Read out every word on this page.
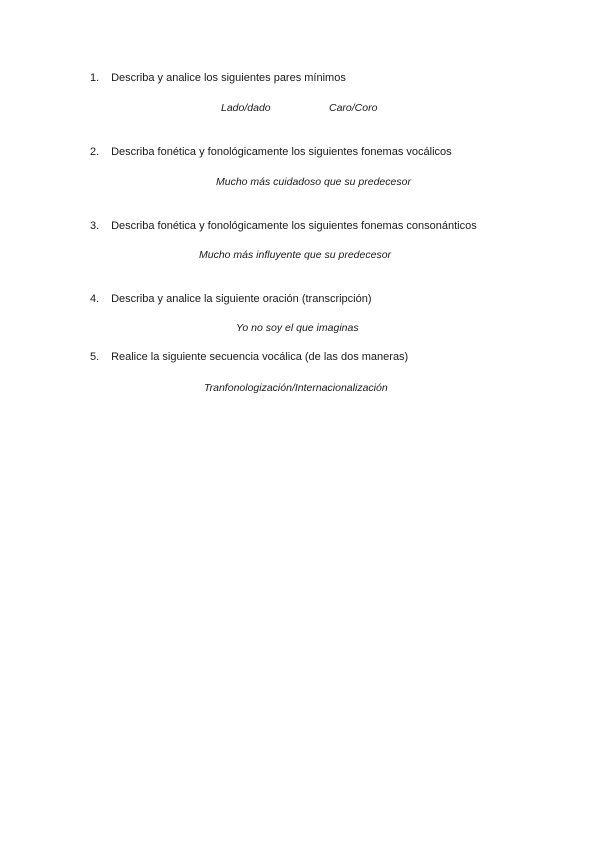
1. Describa y analice los siguientes pares mínimos
Lado/dado	Caro/Coro
2. Describa fonética y fonológicamente los siguientes fonemas vocálicos
Mucho más cuidadoso que su predecesor
3. Describa fonética y fonológicamente los siguientes fonemas consonánticos
Mucho más influyente que su predecesor
4. Describa y analice la siguiente oración (transcripción)
Yo no soy el que imaginas
5. Realice la siguiente secuencia vocálica (de las dos maneras)
Tranfonologización/Internacionalización
